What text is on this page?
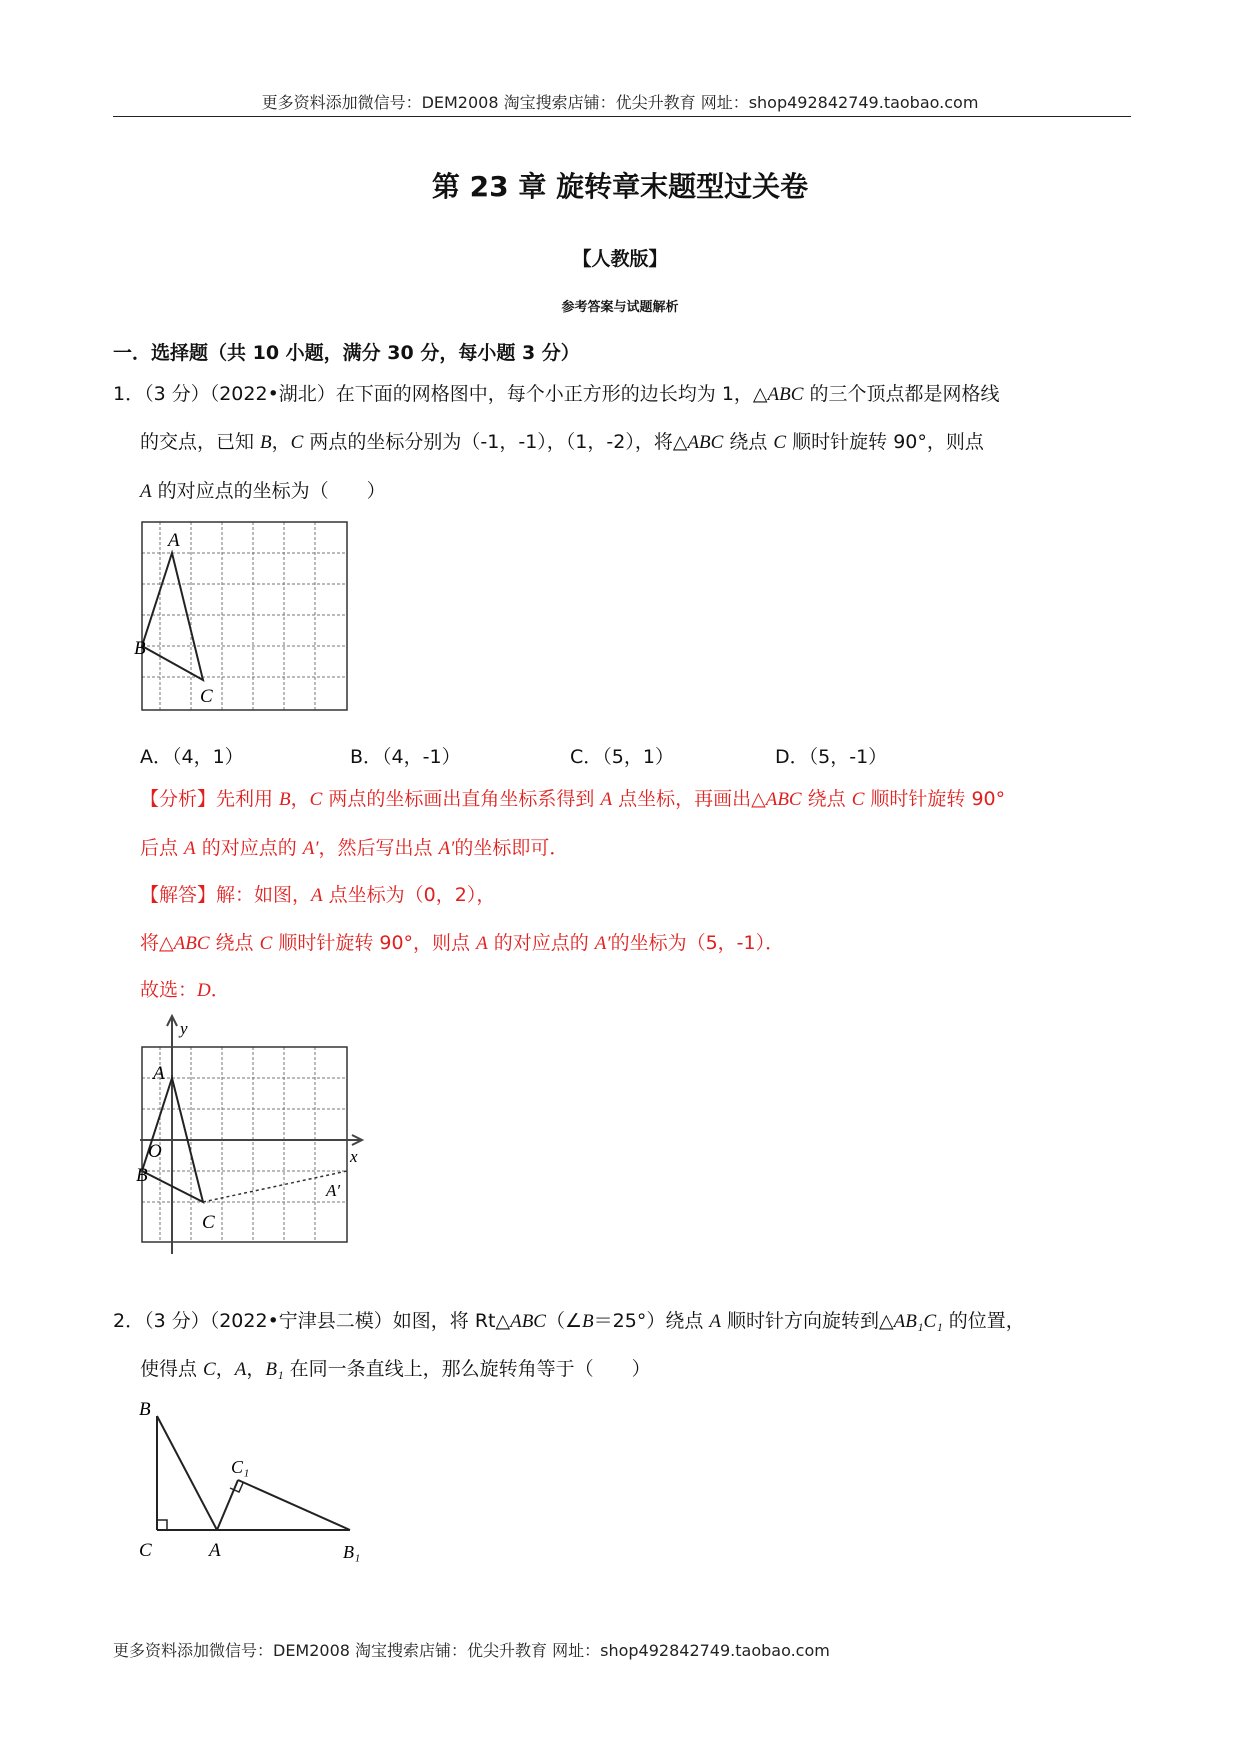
更多资料添加微信号：DEM2008 淘宝搜索店铺：优尖升教育 网址：shop492842749.taobao.com
第 23 章 旋转章末题型过关卷
【人教版】
参考答案与试题解析
一．选择题（共 10 小题，满分 30 分，每小题 3 分）
1．（3 分）（2022•湖北）在下面的网格图中，每个小正方形的边长均为 1，△ABC 的三个顶点都是网格线
的交点，已知 B，C 两点的坐标分别为（-1，-1），（1，-2），将△ABC 绕点 C 顺时针旋转 90°，则点
A 的对应点的坐标为（　　）
A
B
C
A．（4，1）	B．（4，-1）	C．（5，1）	D．（5，-1）
【分析】先利用 B，C 两点的坐标画出直角坐标系得到 A 点坐标，再画出△ABC 绕点 C 顺时针旋转 90°
后点 A 的对应点的 A′，然后写出点 A′的坐标即可．
【解答】解：如图，A 点坐标为（0，2），
将△ABC 绕点 C 顺时针旋转 90°，则点 A 的对应点的 A′的坐标为（5，-1）．
故选：D．
y
x
A
O
B
C
A′
2．（3 分）（2022•宁津县二模）如图，将 Rt△ABC（∠B＝25°）绕点 A 顺时针方向旋转到△AB₁C₁ 的位置，
使得点 C，A，B₁ 在同一条直线上，那么旋转角等于（　　）
B
C	A
C₁
B₁
更多资料添加微信号：DEM2008 淘宝搜索店铺：优尖升教育 网址：shop492842749.taobao.com
